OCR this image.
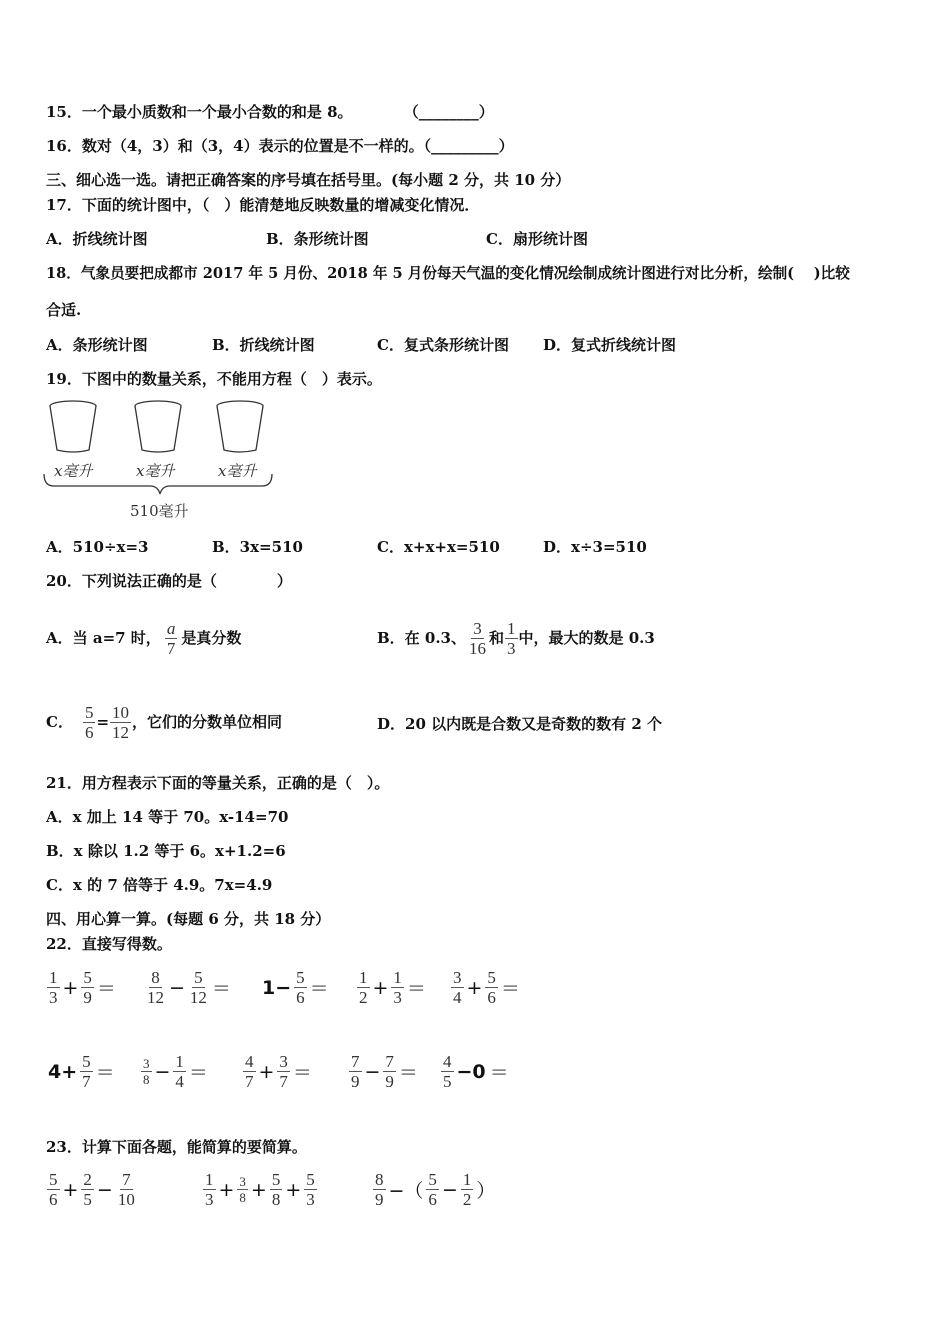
15．一个最小质数和一个最小合数的和是 8。	（________）
16．数对（4，3）和（3，4）表示的位置是不一样的。（_________）
三、细心选一选。请把正确答案的序号填在括号里。(每小题 2 分，共 10 分）
17．下面的统计图中，（　）能清楚地反映数量的增减变化情况．
A．折线统计图	B．条形统计图	C．扇形统计图
18．气象员要把成都市 2017 年 5 月份、2018 年 5 月份每天气温的变化情况绘制成统计图进行对比分析，绘制(　 )比较
合适.
A．条形统计图	B．折线统计图	C．复式条形统计图 D．复式折线统计图
19．下图中的数量关系，不能用方程（　）表示。
x毫升	x毫升	x毫升
510毫升
A．510÷x=3	B．3x=510	C．x+x+x=510	D．x÷3=510
20．下列说法正确的是（　　　　）
A．当 a=7 时， $\frac{a}{7}$ 是真分数	B．在 0.3、 $\frac{3}{16}$ 和 $\frac{1}{3}$ 中，最大的数是 0.3
C． $\frac{5}{6} = \frac{10}{12}$ ，它们的分数单位相同	D．20 以内既是合数又是奇数的数有 2 个
21．用方程表示下面的等量关系，正确的是（　）。
A．x 加上 14 等于 70。x-14=70
B．x 除以 1.2 等于 6。x+1.2=6
C．x 的 7 倍等于 4.9。7x=4.9
四、用心算一算。(每题 6 分，共 18 分）
22．直接写得数。
$\frac{1}{3} + \frac{5}{9} = \frac{8}{12} - \frac{5}{12} = 1- \frac{5}{6} = \frac{1}{2} + \frac{1}{3} = \frac{3}{4} + \frac{5}{6}$ ＝
$4+ \frac{5}{7} = \frac{3}{8} - \frac{1}{4} = \frac{4}{7} + \frac{3}{7} = \frac{7}{9} - \frac{7}{9} = \frac{4}{5} -0$ ＝
23．计算下面各题，能简算的要简算。
$\frac{5}{6} + \frac{2}{5} - \frac{7}{10}$	$\frac{1}{3} + \frac{3}{8} + \frac{5}{8} + \frac{5}{3}$	$\frac{8}{9}$ −（ $\frac{5}{6} - \frac{1}{2}$ ）
